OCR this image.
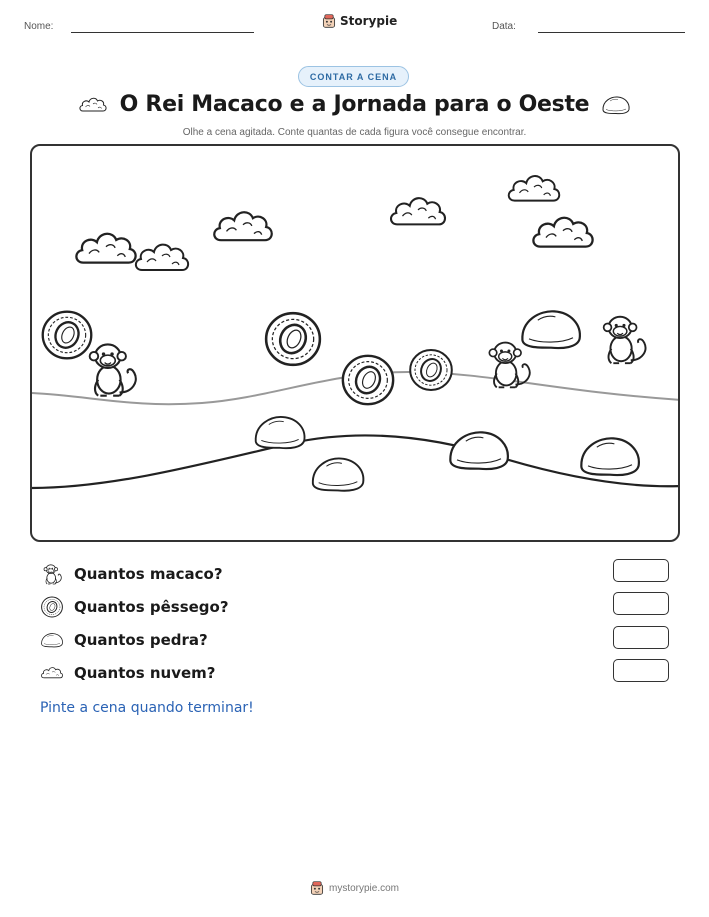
Nome:	Storypie	Data:
CONTAR A CENA
O Rei Macaco e a Jornada para o Oeste
Olhe a cena agitada. Conte quantas de cada figura você consegue encontrar.
Quantos macaco?
Quantos pêssego?
Quantos pedra?
Quantos nuvem?
Pinte a cena quando terminar!
mystorypie.com
